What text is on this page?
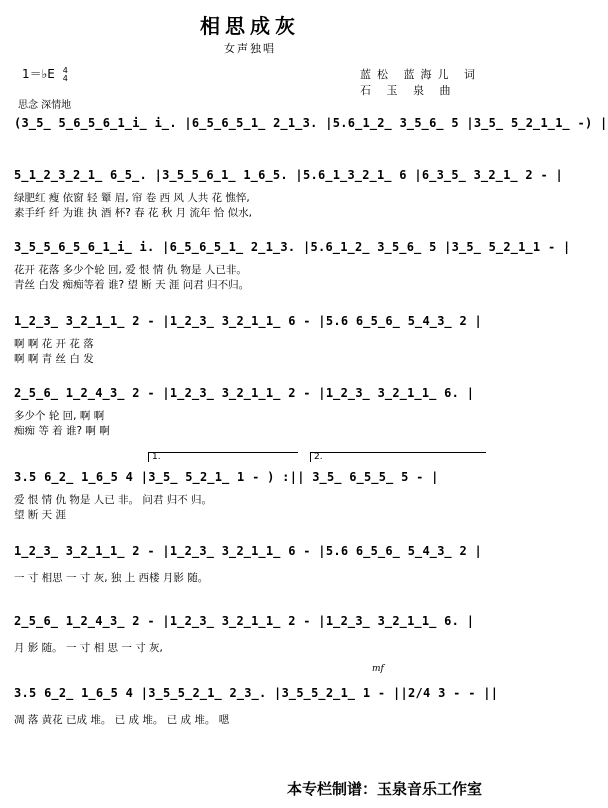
相思成灰
女声独唱
1＝♭E 4
4	蓝松 蓝海儿 词
石 玉 泉 曲
思念 深情地
(3̲5̲ 5̲6̲5̲6̲1̲i̲ i̲. |6̲5̲6̲5̲1̲ 2̲1̲3. |5.6̲1̲2̲ 3̲5̲6̲ 5 |3̲5̲ 5̲2̲1̲1̲ -) |
5̲1̲2̲3̲2̲1̲ 6̲5̲. |3̲5̲5̲6̲1̲ 1̲6̲5. |5.6̲1̲3̲2̲1̲ 6 |6̲3̲5̲ 3̲2̲1̲ 2 - |
绿肥红 瘦 依窗 轻 颦 眉, 帘 卷 西 风 人共 花 憔悴,
素手纤 纤 为谁 执 酒 杯? 春 花 秋 月 流年 恰 似水,
3̲5̲5̲6̲5̲6̲1̲i̲ i. |6̲5̲6̲5̲1̲ 2̲1̲3. |5.6̲1̲2̲ 3̲5̲6̲ 5 |3̲5̲ 5̲2̲1̲1 - |
花开 花落 多少个轮 回, 爱 恨 情 仇 物是 人已非。
青丝 白发 痴痴等着 谁? 望 断 天 涯 问君 归不归。
1̲2̲3̲ 3̲2̲1̲1̲ 2 - |1̲2̲3̲ 3̲2̲1̲1̲ 6 - |5.6 6̲5̲6̲ 5̲4̲3̲ 2 |
啊 啊 花 开 花 落
啊 啊 青 丝 白 发
2̲5̲6̲ 1̲2̲4̲3̲ 2 - |1̲2̲3̲ 3̲2̲1̲1̲ 2 - |1̲2̲3̲ 3̲2̲1̲1̲ 6. |
多少个 轮 回, 啊 啊
痴痴 等 着 谁? 啊 啊
1.	2.
3.5 6̲2̲ 1̲6̲5 4 |3̲5̲ 5̲2̲1̲ 1 - ) :|| 3̲5̲ 6̲5̲5̲ 5 - |
爱 恨 情 仇 物是 人已 非。 问君 归不 归。
望 断 天 涯
1̲2̲3̲ 3̲2̲1̲1̲ 2 - |1̲2̲3̲ 3̲2̲1̲1̲ 6 - |5.6 6̲5̲6̲ 5̲4̲3̲ 2 |
一 寸 相思 一 寸 灰, 独 上 西楼 月影 随。
2̲5̲6̲ 1̲2̲4̲3̲ 2 - |1̲2̲3̲ 3̲2̲1̲1̲ 2 - |1̲2̲3̲ 3̲2̲1̲1̲ 6. |
月 影 随。 一 寸 相 思 一 寸 灰,
mf
3.5 6̲2̲ 1̲6̲5 4 |3̲5̲5̲2̲1̲ 2̲3̲. |3̲5̲5̲2̲1̲ 1 - ||2/4 3 - - ||
凋 落 黄花 已成 堆。 已 成 堆。 已 成 堆。 嗯
本专栏制谱：玉泉音乐工作室
